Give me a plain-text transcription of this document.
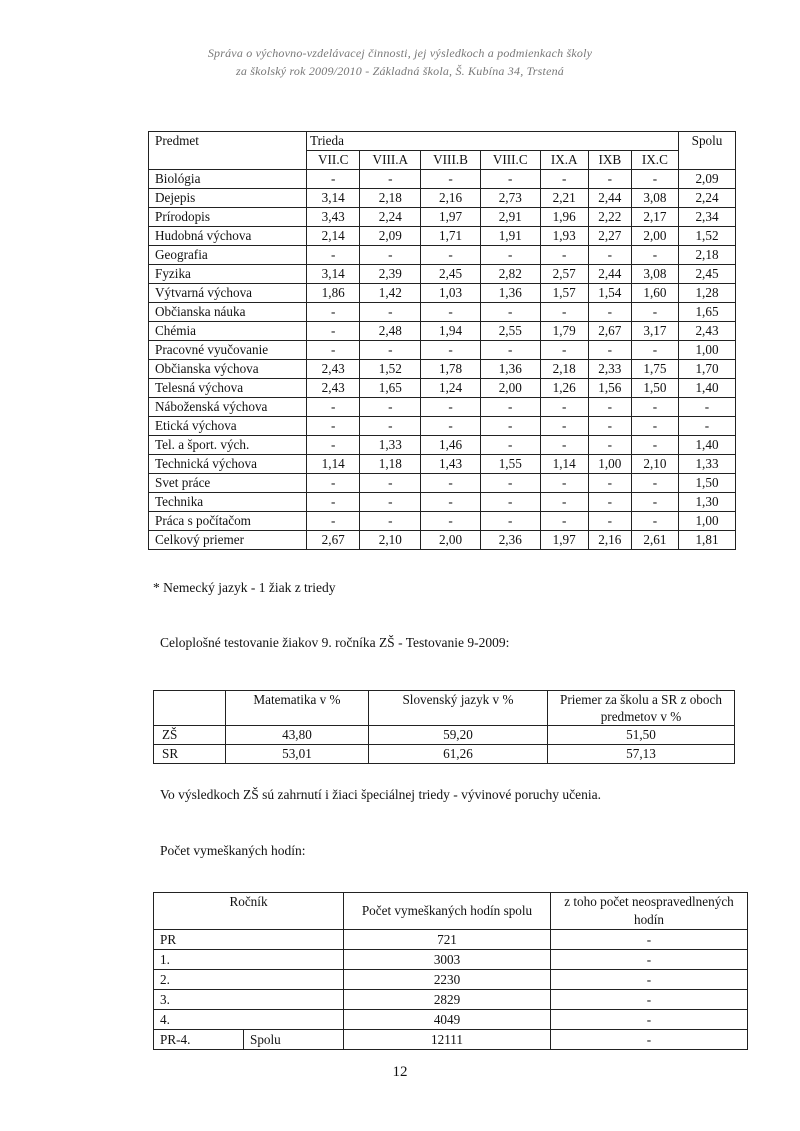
Správa o výchovno-vzdelávacej činnosti, jej výsledkoch a podmienkach školy
za školský rok 2009/2010 - Základná škola, Š. Kubína 34, Trstená
Predmet	Trieda							Spolu
	VII.C	VIII.A	VIII.B	VIII.C	IX.A	IXB	IX.C	
Biológia	-	-	-	-	-	-	-	2,09
Dejepis	3,14	2,18	2,16	2,73	2,21	2,44	3,08	2,24
Prírodopis	3,43	2,24	1,97	2,91	1,96	2,22	2,17	2,34
Hudobná výchova	2,14	2,09	1,71	1,91	1,93	2,27	2,00	1,52
Geografia	-	-	-	-	-	-	-	2,18
Fyzika	3,14	2,39	2,45	2,82	2,57	2,44	3,08	2,45
Výtvarná výchova	1,86	1,42	1,03	1,36	1,57	1,54	1,60	1,28
Občianska náuka	-	-	-	-	-	-	-	1,65
Chémia	-	2,48	1,94	2,55	1,79	2,67	3,17	2,43
Pracovné vyučovanie	-	-	-	-	-	-	-	1,00
Občianska výchova	2,43	1,52	1,78	1,36	2,18	2,33	1,75	1,70
Telesná výchova	2,43	1,65	1,24	2,00	1,26	1,56	1,50	1,40
Náboženská výchova	-	-	-	-	-	-	-	-
Etická výchova	-	-	-	-	-	-	-	-
Tel. a šport. vých.	-	1,33	1,46	-	-	-	-	1,40
Technická výchova	1,14	1,18	1,43	1,55	1,14	1,00	2,10	1,33
Svet práce	-	-	-	-	-	-	-	1,50
Technika	-	-	-	-	-	-	-	1,30
Práca s počítačom	-	-	-	-	-	-	-	1,00
Celkový priemer	2,67	2,10	2,00	2,36	1,97	2,16	2,61	1,81
* Nemecký jazyk - 1 žiak z triedy
Celoplošné testovanie žiakov 9. ročníka ZŠ - Testovanie 9-2009:
	Matematika v %	Slovenský jazyk v %	Priemer za školu a SR z oboch predmetov v %
ZŠ	43,80	59,20	51,50
SR	53,01	61,26	57,13
Vo výsledkoch ZŠ sú zahrnutí i žiaci špeciálnej triedy - vývinové poruchy učenia.
Počet vymeškaných hodín:
Ročník		Počet vymeškaných hodín spolu	z toho počet neospravedlnených hodín
PR		721	-
1.		3003	-
2.		2230	-
3.		2829	-
4.		4049	-
PR-4.	Spolu	12111	-
12
